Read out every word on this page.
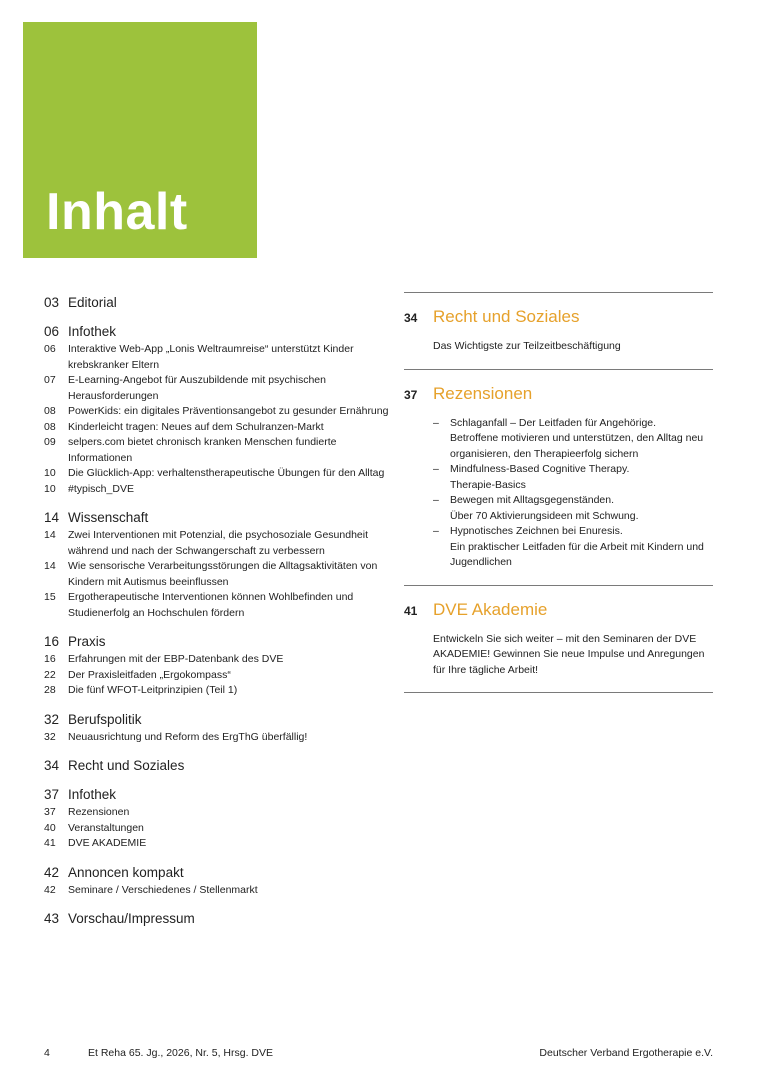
Inhalt
03 Editorial
06 Infothek
06	Interaktive Web-App „Lonis Weltraumreise“ unterstützt Kinder krebskranker Eltern
07	E-Learning-Angebot für Auszubildende mit psychischen Herausforderungen
08	PowerKids: ein digitales Präventionsangebot zu gesunder Ernährung
08	Kinderleicht tragen: Neues auf dem Schulranzen-Markt
09	selpers.com bietet chronisch kranken Menschen fundierte Informationen
10	Die Glücklich-App: verhaltenstherapeutische Übungen für den Alltag
10	#typisch_DVE
14 Wissenschaft
14	Zwei Interventionen mit Potenzial, die psychosoziale Gesundheit während und nach der Schwangerschaft zu verbessern
14	Wie sensorische Verarbeitungsstörungen die Alltagsaktivitäten von Kindern mit Autismus beeinflussen
15	Ergotherapeutische Interventionen können Wohlbefinden und Studienerfolg an Hochschulen fördern
16 Praxis
16	Erfahrungen mit der EBP-Datenbank des DVE
22	Der Praxisleitfaden „Ergokompass“
28	Die fünf WFOT-Leitprinzipien (Teil 1)
32 Berufspolitik
32	Neuausrichtung und Reform des ErgThG überfällig!
34 Recht und Soziales
37 Infothek
37	Rezensionen
40	Veranstaltungen
41	DVE AKADEMIE
42 Annoncen kompakt
42	Seminare / Verschiedenes / Stellenmarkt
43 Vorschau/Impressum
34 Recht und Soziales
Das Wichtigste zur Teilzeitbeschäftigung
37 Rezensionen
–	Schlaganfall – Der Leitfaden für Angehörige.
Betroffene motivieren und unterstützen, den Alltag neu organisieren, den Therapieerfolg sichern
–	Mindfulness-Based Cognitive Therapy.
Therapie-Basics
–	Bewegen mit Alltagsgegenständen.
Über 70 Aktivierungsideen mit Schwung.
–	Hypnotisches Zeichnen bei Enuresis.
Ein praktischer Leitfaden für die Arbeit mit Kindern und Jugendlichen
41 DVE Akademie
Entwickeln Sie sich weiter – mit den Seminaren der DVE AKADEMIE! Gewinnen Sie neue Impulse und Anregungen für Ihre tägliche Arbeit!
4	Et Reha 65. Jg., 2026, Nr. 5, Hrsg. DVE	Deutscher Verband Ergotherapie e.V.
